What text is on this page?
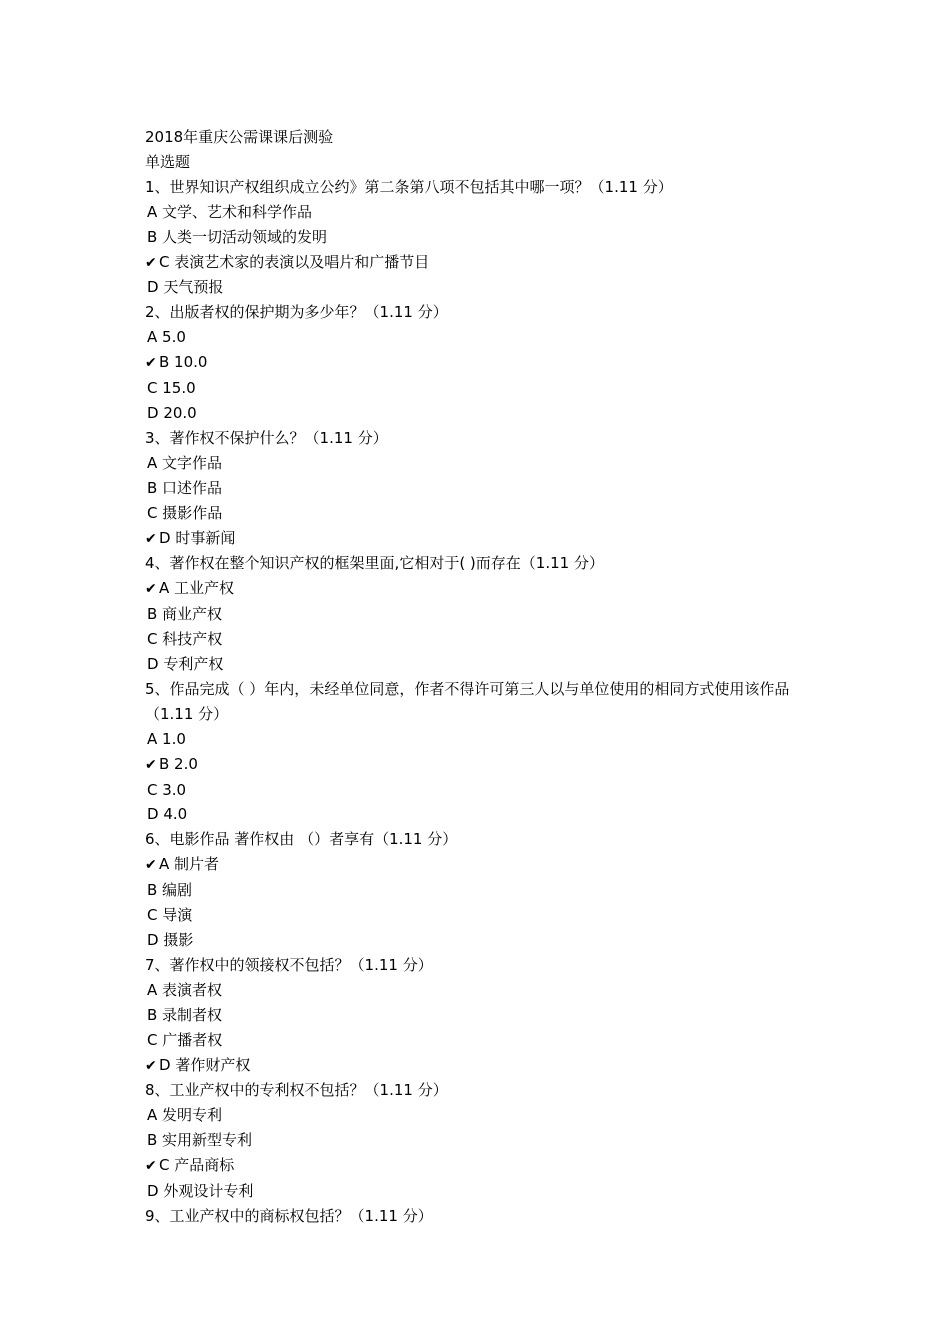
2018年重庆公需课课后测验
单选题
1、世界知识产权组织成立公约》第二条第八项不包括其中哪一项？（1.11 分）
A 文学、艺术和科学作品
B 人类一切活动领域的发明
✔ C 表演艺术家的表演以及唱片和广播节目
D 天气预报
2、出版者权的保护期为多少年？（1.11 分）
A 5.0
✔ B 10.0
C 15.0
D 20.0
3、著作权不保护什么？（1.11 分）
A 文字作品
B 口述作品
C 摄影作品
✔ D 时事新闻
4、著作权在整个知识产权的框架里面,它相对于( )而存在（1.11 分）
✔ A 工业产权
B 商业产权
C 科技产权
D 专利产权
5、作品完成（ ）年内，未经单位同意，作者不得许可第三人以与单位使用的相同方式使用该作品（1.11 分）
A 1.0
✔ B 2.0
C 3.0
D 4.0
6、电影作品 著作权由 （）者享有（1.11 分）
✔ A 制片者
B 编剧
C 导演
D 摄影
7、著作权中的领接权不包括？（1.11 分）
A 表演者权
B 录制者权
C 广播者权
✔ D 著作财产权
8、工业产权中的专利权不包括？（1.11 分）
A 发明专利
B 实用新型专利
✔ C 产品商标
D 外观设计专利
9、工业产权中的商标权包括？（1.11 分）
